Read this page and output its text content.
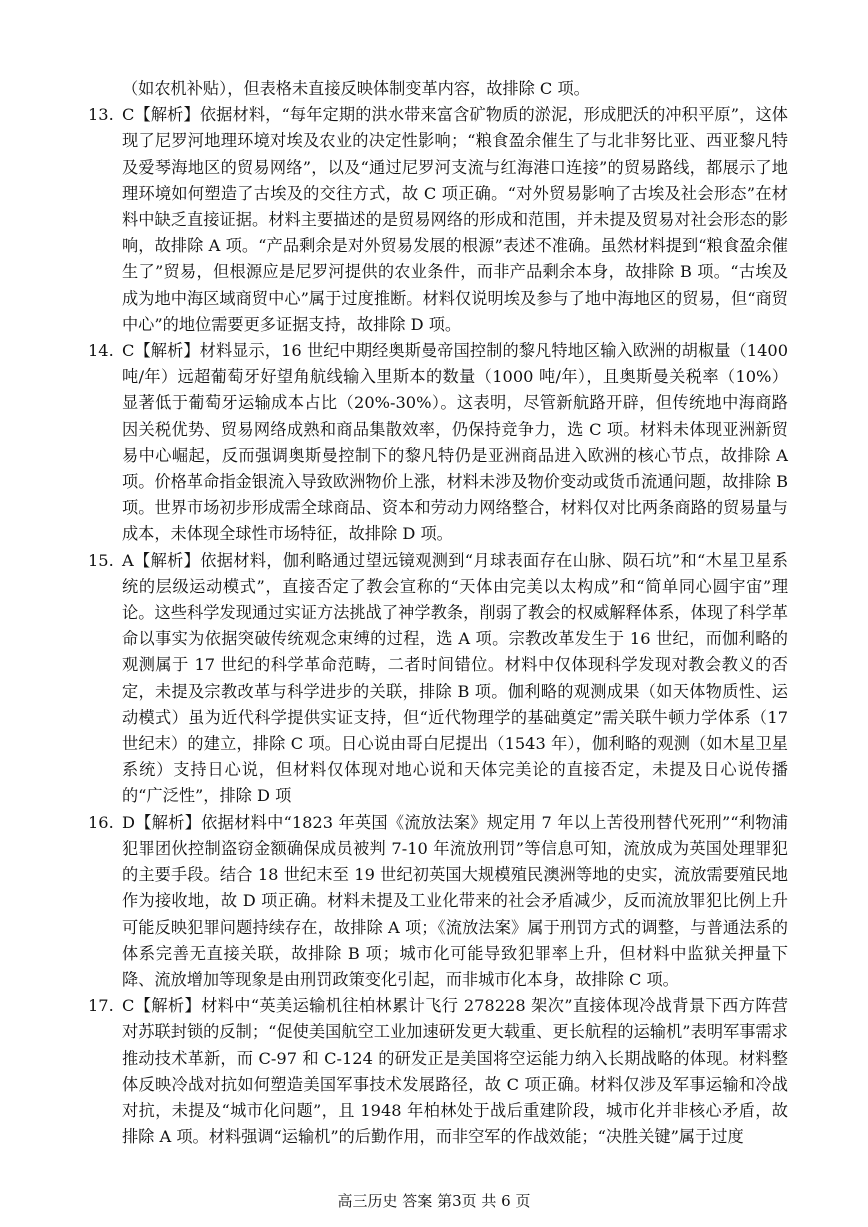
（如农机补贴），但表格未直接反映体制变革内容，故排除 C 项。

13. C【解析】依据材料，“每年定期的洪水带来富含矿物质的淤泥，形成肥沃的冲积平原”，这体现了尼罗河地理环境对埃及农业的决定性影响；“粮食盈余催生了与北非努比亚、西亚黎凡特及爱琴海地区的贸易网络”，以及“通过尼罗河支流与红海港口连接”的贸易路线，都展示了地理环境如何塑造了古埃及的交往方式，故 C 项正确。“对外贸易影响了古埃及社会形态”在材料中缺乏直接证据。材料主要描述的是贸易网络的形成和范围，并未提及贸易对社会形态的影响，故排除 A 项。“产品剩余是对外贸易发展的根源”表述不准确。虽然材料提到“粮食盈余催生了”贸易，但根源应是尼罗河提供的农业条件，而非产品剩余本身，故排除 B 项。“古埃及成为地中海区域商贸中心”属于过度推断。材料仅说明埃及参与了地中海地区的贸易，但“商贸中心”的地位需要更多证据支持，故排除 D 项。
14. C【解析】材料显示，16 世纪中期经奥斯曼帝国控制的黎凡特地区输入欧洲的胡椒量（1400 吨/年）远超葡萄牙好望角航线输入里斯本的数量（1000 吨/年），且奥斯曼关税率（10%）显著低于葡萄牙运输成本占比（20%-30%）。这表明，尽管新航路开辟，但传统地中海商路因关税优势、贸易网络成熟和商品集散效率，仍保持竞争力，选 C 项。材料未体现亚洲新贸易中心崛起，反而强调奥斯曼控制下的黎凡特仍是亚洲商品进入欧洲的核心节点，故排除 A 项。价格革命指金银流入导致欧洲物价上涨，材料未涉及物价变动或货币流通问题，故排除 B 项。世界市场初步形成需全球商品、资本和劳动力网络整合，材料仅对比两条商路的贸易量与成本，未体现全球性市场特征，故排除 D 项。
15. A【解析】依据材料，伽利略通过望远镜观测到“月球表面存在山脉、陨石坑”和“木星卫星系统的层级运动模式”，直接否定了教会宣称的“天体由完美以太构成”和“简单同心圆宇宙”理论。这些科学发现通过实证方法挑战了神学教条，削弱了教会的权威解释体系，体现了科学革命以事实为依据突破传统观念束缚的过程，选 A 项。宗教改革发生于 16 世纪，而伽利略的观测属于 17 世纪的科学革命范畴，二者时间错位。材料中仅体现科学发现对教会教义的否定，未提及宗教改革与科学进步的关联，排除 B 项。伽利略的观测成果（如天体物质性、运动模式）虽为近代科学提供实证支持，但“近代物理学的基础奠定”需关联牛顿力学体系（17 世纪末）的建立，排除 C 项。日心说由哥白尼提出（1543 年），伽利略的观测（如木星卫星系统）支持日心说，但材料仅体现对地心说和天体完美论的直接否定，未提及日心说传播的“广泛性”，排除 D 项
16. D【解析】依据材料中“1823 年英国《流放法案》规定用 7 年以上苦役刑替代死刑”“利物浦犯罪团伙控制盗窃金额确保成员被判 7-10 年流放刑罚”等信息可知，流放成为英国处理罪犯的主要手段。结合 18 世纪末至 19 世纪初英国大规模殖民澳洲等地的史实，流放需要殖民地作为接收地，故 D 项正确。材料未提及工业化带来的社会矛盾减少，反而流放罪犯比例上升可能反映犯罪问题持续存在，故排除 A 项；《流放法案》属于刑罚方式的调整，与普通法系的体系完善无直接关联，故排除 B 项；城市化可能导致犯罪率上升，但材料中监狱关押量下降、流放增加等现象是由刑罚政策变化引起，而非城市化本身，故排除 C 项。
17. C【解析】材料中“英美运输机往柏林累计飞行 278228 架次”直接体现冷战背景下西方阵营对苏联封锁的反制；“促使美国航空工业加速研发更大载重、更长航程的运输机”表明军事需求推动技术革新，而 C-97 和 C-124 的研发正是美国将空运能力纳入长期战略的体现。材料整体反映冷战对抗如何塑造美国军事技术发展路径，故 C 项正确。材料仅涉及军事运输和冷战对抗，未提及“城市化问题”，且 1948 年柏林处于战后重建阶段，城市化并非核心矛盾，故排除 A 项。材料强调“运输机”的后勤作用，而非空军的作战效能；“决胜关键”属于过度
高三历史 答案 第3页 共 6 页
